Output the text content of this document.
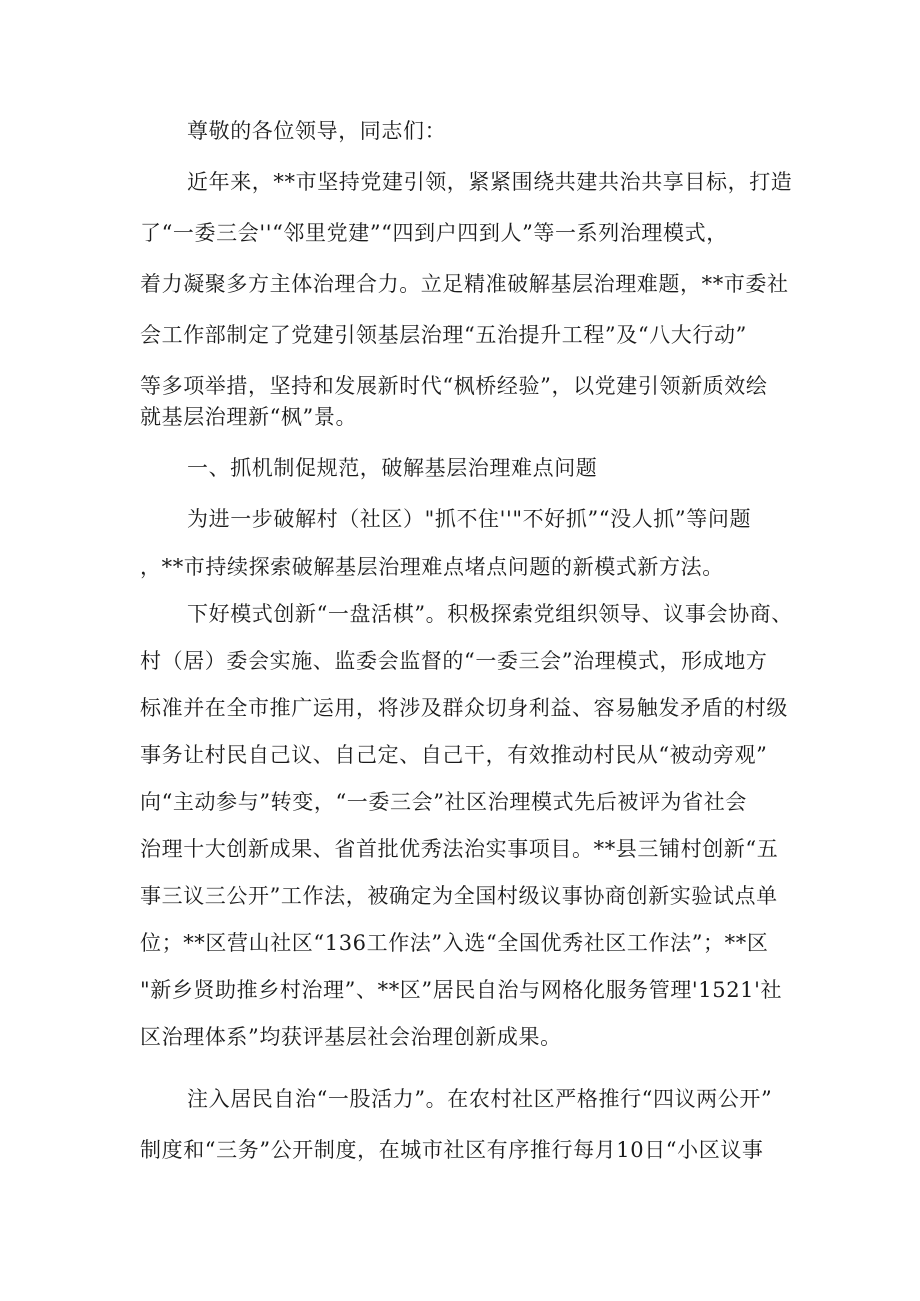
尊敬的各位领导，同志们：
近年来，**市坚持党建引领，紧紧围绕共建共治共享目标，打造
了“一委三会''“邻里党建”“四到户四到人”等一系列治理模式，
着力凝聚多方主体治理合力。立足精准破解基层治理难题，**市委社
会工作部制定了党建引领基层治理“五治提升工程”及“八大行动”
等多项举措，坚持和发展新时代“枫桥经验”，以党建引领新质效绘
就基层治理新“枫”景。
一、抓机制促规范，破解基层治理难点问题
为进一步破解村（社区）"抓不住''"不好抓”“没人抓”等问题
，**市持续探索破解基层治理难点堵点问题的新模式新方法。
下好模式创新“一盘活棋”。积极探索党组织领导、议事会协商、
村（居）委会实施、监委会监督的“一委三会”治理模式，形成地方
标准并在全市推广运用，将涉及群众切身利益、容易触发矛盾的村级
事务让村民自己议、自己定、自己干，有效推动村民从“被动旁观”
向“主动参与”转变，“一委三会”社区治理模式先后被评为省社会
治理十大创新成果、省首批优秀法治实事项目。**县三铺村创新“五
事三议三公开”工作法，被确定为全国村级议事协商创新实验试点单
位；**区营山社区“136工作法”入选“全国优秀社区工作法”；**区
"新乡贤助推乡村治理”、**区”居民自治与网格化服务管理'1521'社
区治理体系”均获评基层社会治理创新成果。
注入居民自治“一股活力”。在农村社区严格推行“四议两公开”
制度和“三务”公开制度，在城市社区有序推行每月10日“小区议事
